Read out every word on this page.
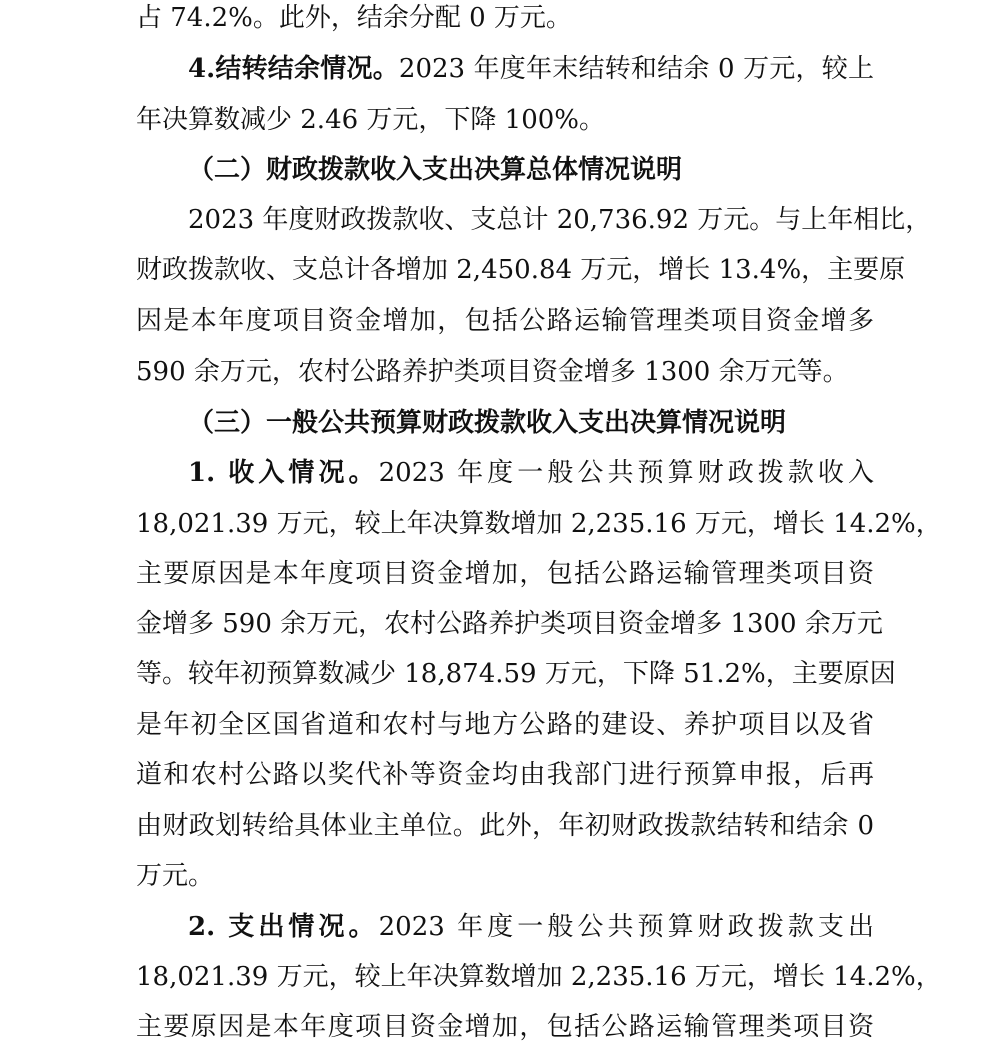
占 74.2%。此外，结余分配 0 万元。

4.结转结余情况。2023 年度年末结转和结余 0 万元，较上

年决算数减少 2.46 万元，下降 100%。

（二）财政拨款收入支出决算总体情况说明

2023 年度财政拨款收、支总计 20,736.92 万元。与上年相比，

财政拨款收、支总计各增加 2,450.84 万元，增长 13.4%，主要原

因是本年度项目资金增加，包括公路运输管理类项目资金增多

590 余万元，农村公路养护类项目资金增多 1300 余万元等。

（三）一般公共预算财政拨款收入支出决算情况说明

1. 收入情况。2023 年度一般公共预算财政拨款收入

18,021.39 万元，较上年决算数增加 2,235.16 万元，增长 14.2%，

主要原因是本年度项目资金增加，包括公路运输管理类项目资

金增多 590 余万元，农村公路养护类项目资金增多 1300 余万元

等。较年初预算数减少 18,874.59 万元，下降 51.2%，主要原因

是年初全区国省道和农村与地方公路的建设、养护项目以及省

道和农村公路以奖代补等资金均由我部门进行预算申报，后再

由财政划转给具体业主单位。此外，年初财政拨款结转和结余 0

万元。

2. 支出情况。2023 年度一般公共预算财政拨款支出

18,021.39 万元，较上年决算数增加 2,235.16 万元，增长 14.2%，

主要原因是本年度项目资金增加，包括公路运输管理类项目资
